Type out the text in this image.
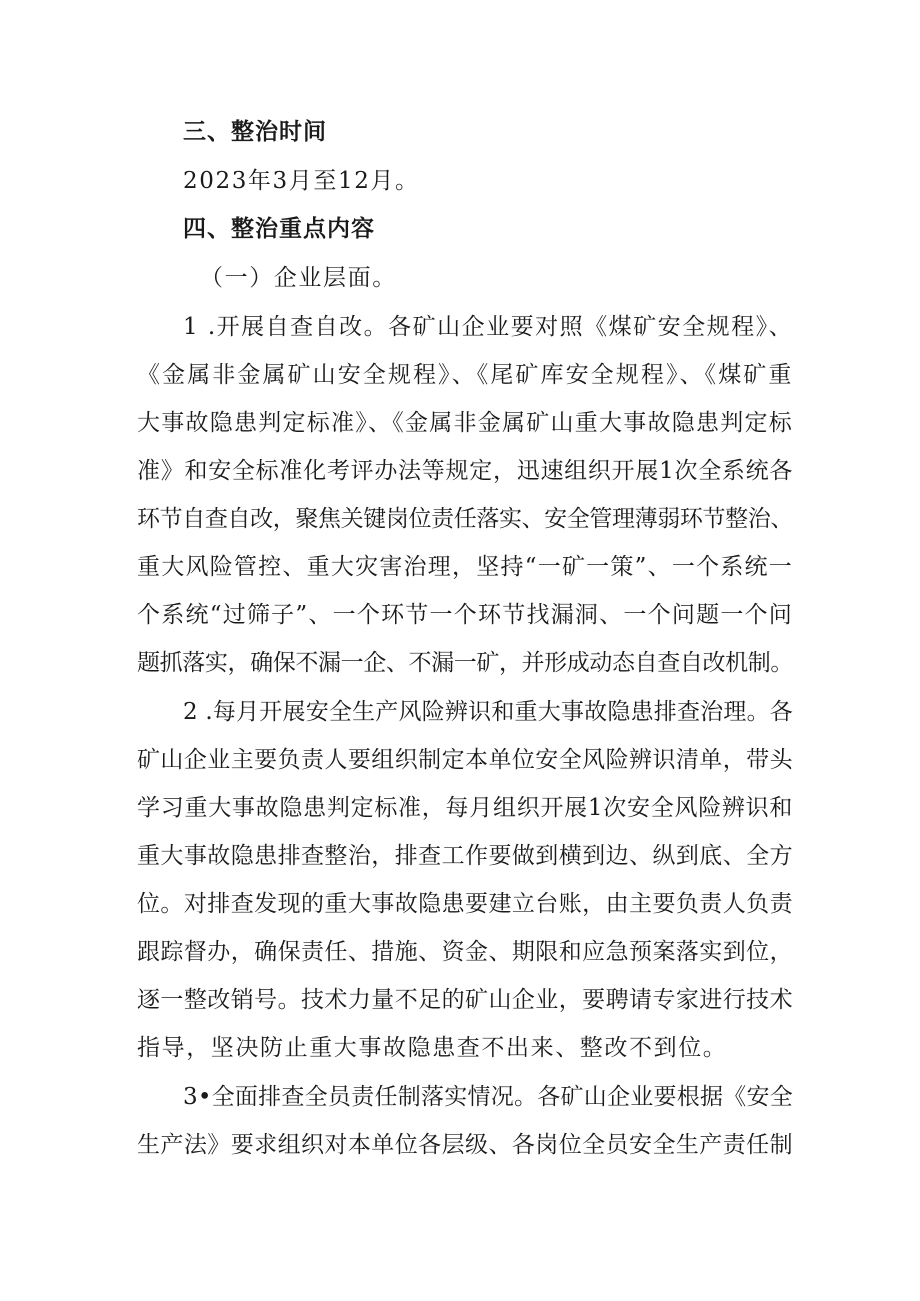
三、整治时间
2023年3月至12月。
四、整治重点内容
（一）企业层面。
1 .开展自查自改。各矿山企业要对照《煤矿安全规程》、
《金属非金属矿山安全规程》、《尾矿库安全规程》、《煤矿重
大事故隐患判定标准》、《金属非金属矿山重大事故隐患判定标
准》和安全标准化考评办法等规定，迅速组织开展1次全系统各
环节自查自改，聚焦关键岗位责任落实、安全管理薄弱环节整治、
重大风险管控、重大灾害治理，坚持“一矿一策”、一个系统一
个系统“过筛子”、一个环节一个环节找漏洞、一个问题一个问
题抓落实，确保不漏一企、不漏一矿，并形成动态自查自改机制。
2 .每月开展安全生产风险辨识和重大事故隐患排查治理。各
矿山企业主要负责人要组织制定本单位安全风险辨识清单，带头
学习重大事故隐患判定标准，每月组织开展1次安全风险辨识和
重大事故隐患排查整治，排查工作要做到横到边、纵到底、全方
位。对排查发现的重大事故隐患要建立台账，由主要负责人负责
跟踪督办，确保责任、措施、资金、期限和应急预案落实到位，
逐一整改销号。技术力量不足的矿山企业，要聘请专家进行技术
指导，坚决防止重大事故隐患查不出来、整改不到位。
3•全面排查全员责任制落实情况。各矿山企业要根据《安全
生产法》要求组织对本单位各层级、各岗位全员安全生产责任制
